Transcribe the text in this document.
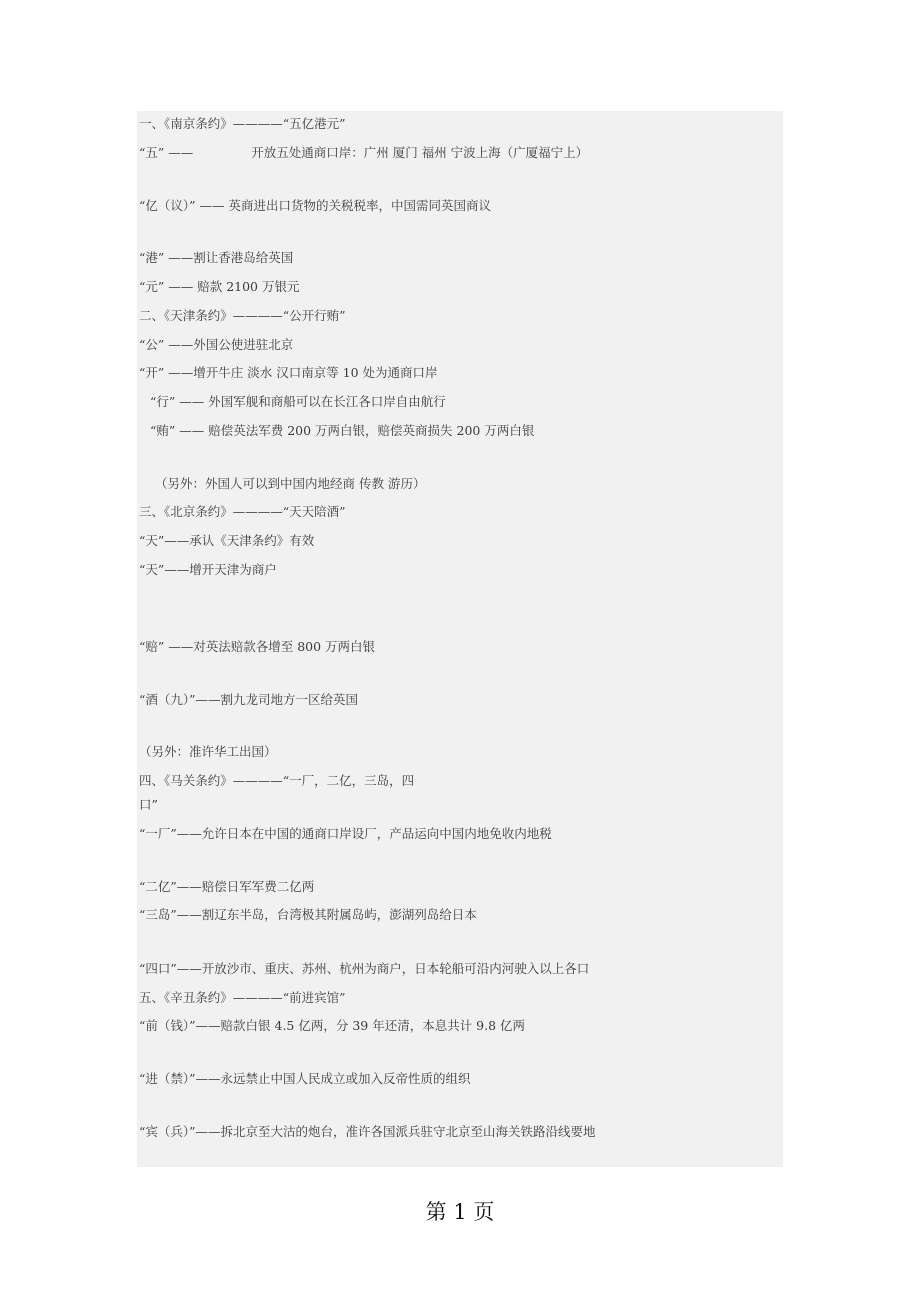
一、《南京条约》————“五亿港元”
“五” ——	开放五处通商口岸：广州 厦门 福州 宁波上海（广厦福宁上）
“亿（议）” —— 英商进出口货物的关税税率，中国需同英国商议
“港” ——割让香港岛给英国
“元” —— 赔款 2100 万银元
二、《天津条约》————“公开行贿”
“公” ——外国公使进驻北京
“开” ——增开牛庄 淡水 汉口南京等 10 处为通商口岸
“行” —— 外国军舰和商船可以在长江各口岸自由航行
“贿” —— 赔偿英法军费 200 万两白银，赔偿英商损失 200 万两白银
（另外：外国人可以到中国内地经商 传教 游历）
三、《北京条约》————“天天陪酒”
“天”——承认《天津条约》有效
“天”——增开天津为商户
“赔” ——对英法赔款各增至 800 万两白银
“酒（九）”——割九龙司地方一区给英国
（另外：准许华工出国）
四、《马关条约》————“一厂，二亿，三岛，四
口”
“一厂”——允许日本在中国的通商口岸设厂，产品运向中国内地免收内地税
“二亿”——赔偿日军军费二亿两
“三岛”——割辽东半岛，台湾极其附属岛屿，澎湖列岛给日本
“四口”——开放沙市、重庆、苏州、杭州为商户，日本轮船可沿内河驶入以上各口
五、《辛丑条约》————“前进宾馆”
“前（钱）”——赔款白银 4.5 亿两，分 39 年还清，本息共计 9.8 亿两
“进（禁）”——永远禁止中国人民成立或加入反帝性质的组织
“宾（兵）”——拆北京至大沽的炮台，准许各国派兵驻守北京至山海关铁路沿线要地
第 1 页
